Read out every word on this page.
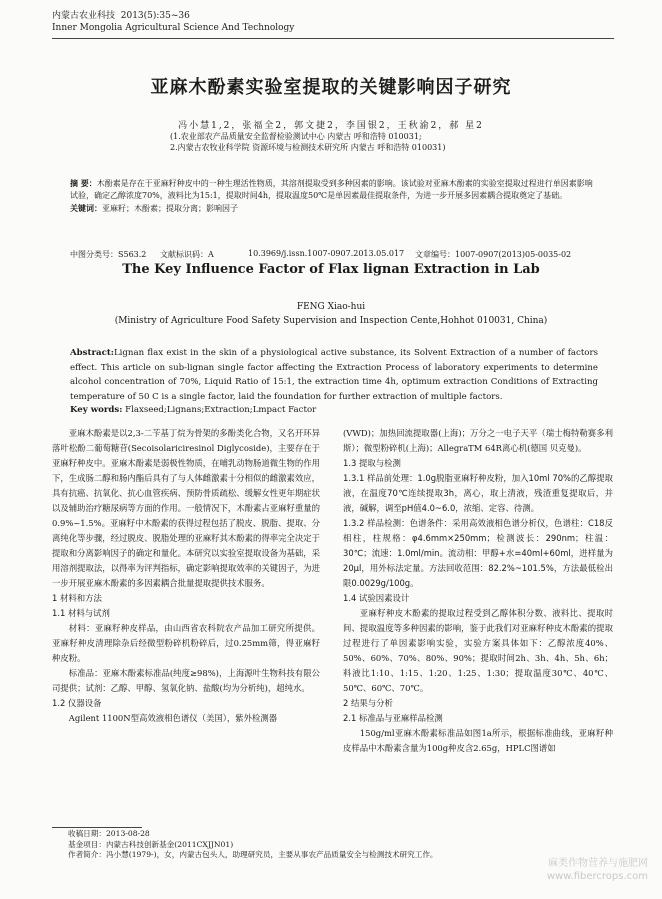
内蒙古农业科技 2013(5):35~36
Inner Mongolia Agricultural Science And Technology
亚麻木酚素实验室提取的关键影响因子研究
冯小慧1,2，张福全2，郭文捷2，李国银2，王秋渝2，郝 星2
(1.农业部农产品质量安全监督检验测试中心 内蒙古 呼和浩特 010031;
2.内蒙古农牧业科学院 资源环境与检测技术研究所 内蒙古 呼和浩特 010031)
摘 要：木酚素是存在于亚麻籽种皮中的一种生理活性物质，其溶剂提取受到多种因素的影响。该试验对亚麻木酚素的实验室提取过程进行单因素影响试验，确定乙醇浓度70%，液料比为15:1，提取时间4h，提取温度50℃是单因素最佳提取条件，为进一步开展多因素耦合提取奠定了基础。
关键词：亚麻籽；木酚素；提取分离；影响因子
中图分类号：S563.2 文献标识码：A	10.3969/j.issn.1007-0907.2013.05.017 文章编号：1007-0907(2013)05-0035-02
The Key Influence Factor of Flax lignan Extraction in Lab
FENG Xiao-hui
(Ministry of Agriculture Food Safety Supervision and Inspection Cente,Hohhot 010031, China)
Abstract:Lignan flax exist in the skin of a physiological active substance, its Solvent Extraction of a number of factors effect. This article on sub-lignan single factor affecting the Extraction Process of laboratory experiments to determine alcohol concentration of 70%, Liquid Ratio of 15:1, the extraction time 4h, optimum extraction Conditions of Extracting temperature of 50 C is a single factor, laid the foundation for further extraction of multiple factors.
Key words: Flaxseed;Lignans;Extraction;Lmpact Factor

亚麻木酚素是以2,3-二苄基丁烷为骨架的多酚类化合物，又名开环异落叶松酚二葡萄糖苷(Secoisolariciresinol Diglycoside)，主要存在于亚麻籽种皮中。亚麻木酚素是弱极性物质，在哺乳动物肠道微生物的作用下，生成肠二醇和肠内酯后具有了与人体雌激素十分相似的雌激素效应，具有抗癌、抗氧化、抗心血管疾病、预防骨质疏松、缓解女性更年期症状以及辅助治疗糖尿病等方面的作用。一般情况下，木酚素占亚麻籽重量的0.9%~1.5%。亚麻籽中木酚素的获得过程包括了脱皮、脱脂、提取、分离纯化等步骤，经过脱皮、脱脂处理的亚麻籽其木酚素的得率完全决定于提取和分离影响因子的确定和量化。本研究以实验室提取设备为基础，采用溶剂提取法，以得率为评判指标，确定影响提取效率的关键因子，为进一步开展亚麻木酚素的多因素耦合批量提取提供技术服务。

1 材料和方法

1.1 材料与试剂

材料：亚麻籽种皮样品，由山西省农科院农产品加工研究所提供。亚麻籽种皮清理除杂后经微型粉碎机粉碎后，过0.25mm筛，得亚麻籽种皮粉。

标准品：亚麻木酚素标准品(纯度≥98%)，上海源叶生物科技有限公司提供；试剂：乙醇、甲醇、氢氧化钠、盐酸(均为分析纯)，超纯水。

1.2 仪器设备

Agilent 1100N型高效液相色谱仪（美国），紫外检测器

(VWD)；加热回流提取器(上海)；万分之一电子天平（瑞士梅特勒赛多利斯）；微型粉碎机(上海)；AllegraTM 64R离心机(德国 贝克曼)。

1.3 提取与检测

1.3.1 样品前处理：1.0g脱脂亚麻籽种皮粉，加入10ml 70%的乙醇提取液，在温度70℃连续提取3h，离心，取上清液，残渣重复提取后，并液，碱解，调至pH值4.0~6.0，浓缩、定容、待测。

1.3.2 样品检测：色谱条件：采用高效液相色谱分析仪，色谱柱：C18反相柱，柱规格：φ4.6mm×250mm；检测波长：290nm；柱温：30℃；流速：1.0ml/min。流动相：甲醇+水=40ml+60ml，进样量为20μl，用外标法定量。方法回收范围：82.2%~101.5%，方法最低检出限0.0029g/100g。

1.4 试验因素设计

亚麻籽种皮木酚素的提取过程受到乙醇体积分数、液料比、提取时间、提取温度等多种因素的影响，鉴于此我们对亚麻籽种皮木酚素的提取过程进行了单因素影响实验，实验方案具体如下：乙醇浓度40%、50%、60%、70%、80%、90%；提取时间2h、3h、4h、5h、6h；料液比1:10、1:15、1:20、1:25、1:30；提取温度30℃、40℃、50℃、60℃、70℃。

2 结果与分析

2.1 标准品与亚麻样品检测

150g/ml亚麻木酚素标准品如图1a所示，根据标准曲线，亚麻籽种皮样品中木酚素含量为100g种皮含2.65g，HPLC图谱如

收稿日期：2013-08-28
基金项目：内蒙古科技创新基金(2011CXJJN01)
作者简介：冯小慧(1979-)，女，内蒙古包头人，助理研究员，主要从事农产品质量安全与检测技术研究工作。
麻类作物营养与施肥网
www.fibercrops.com
